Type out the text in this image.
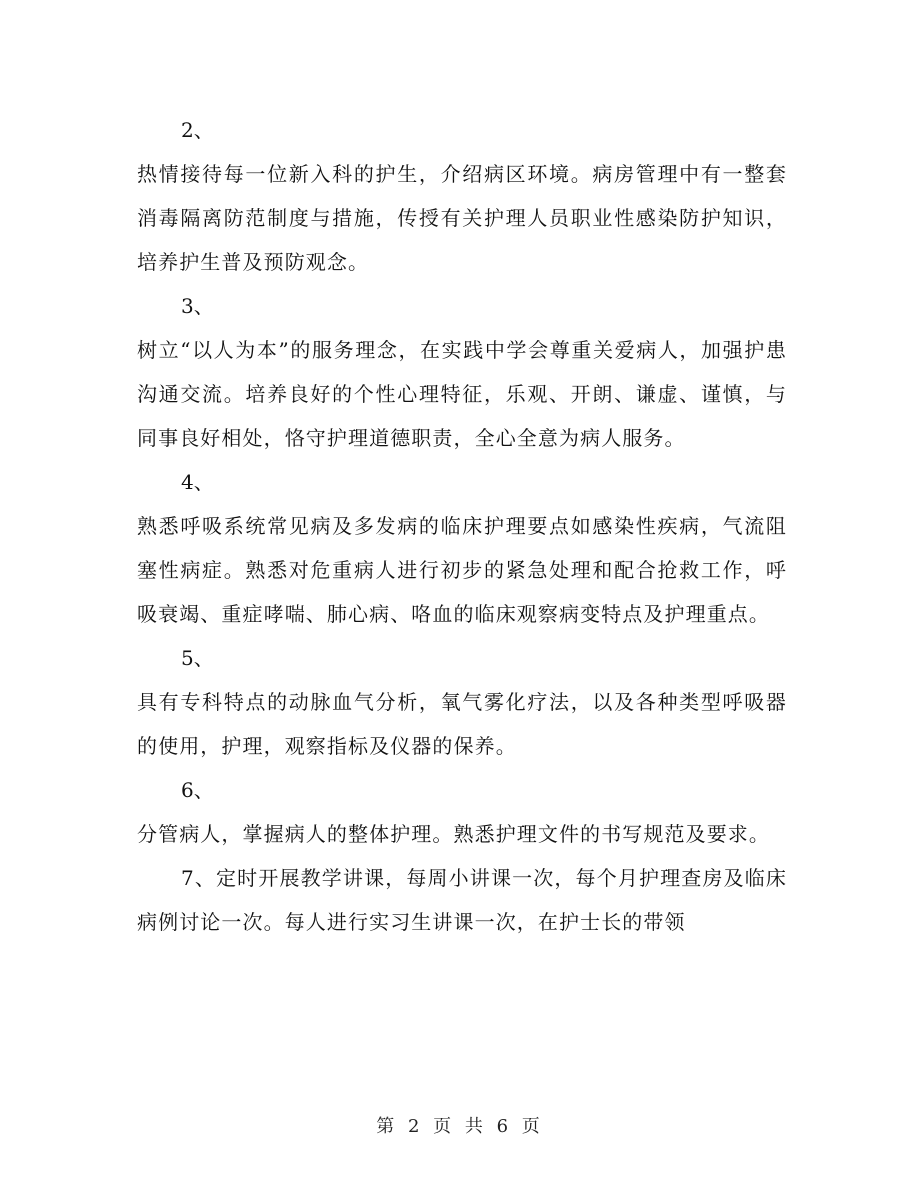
2、

热情接待每一位新入科的护生，介绍病区环境。病房管理中有一整套消毒隔离防范制度与措施，传授有关护理人员职业性感染防护知识，培养护生普及预防观念。

3、

树立“以人为本”的服务理念，在实践中学会尊重关爱病人，加强护患沟通交流。培养良好的个性心理特征，乐观、开朗、谦虚、谨慎，与同事良好相处，恪守护理道德职责，全心全意为病人服务。

4、

熟悉呼吸系统常见病及多发病的临床护理要点如感染性疾病，气流阻塞性病症。熟悉对危重病人进行初步的紧急处理和配合抢救工作，呼吸衰竭、重症哮喘、肺心病、咯血的临床观察病变特点及护理重点。

5、

具有专科特点的动脉血气分析，氧气雾化疗法，以及各种类型呼吸器的使用，护理，观察指标及仪器的保养。

6、

分管病人，掌握病人的整体护理。熟悉护理文件的书写规范及要求。

7、定时开展教学讲课，每周小讲课一次，每个月护理查房及临床病例讨论一次。每人进行实习生讲课一次，在护士长的带领

第 2 页 共 6 页
